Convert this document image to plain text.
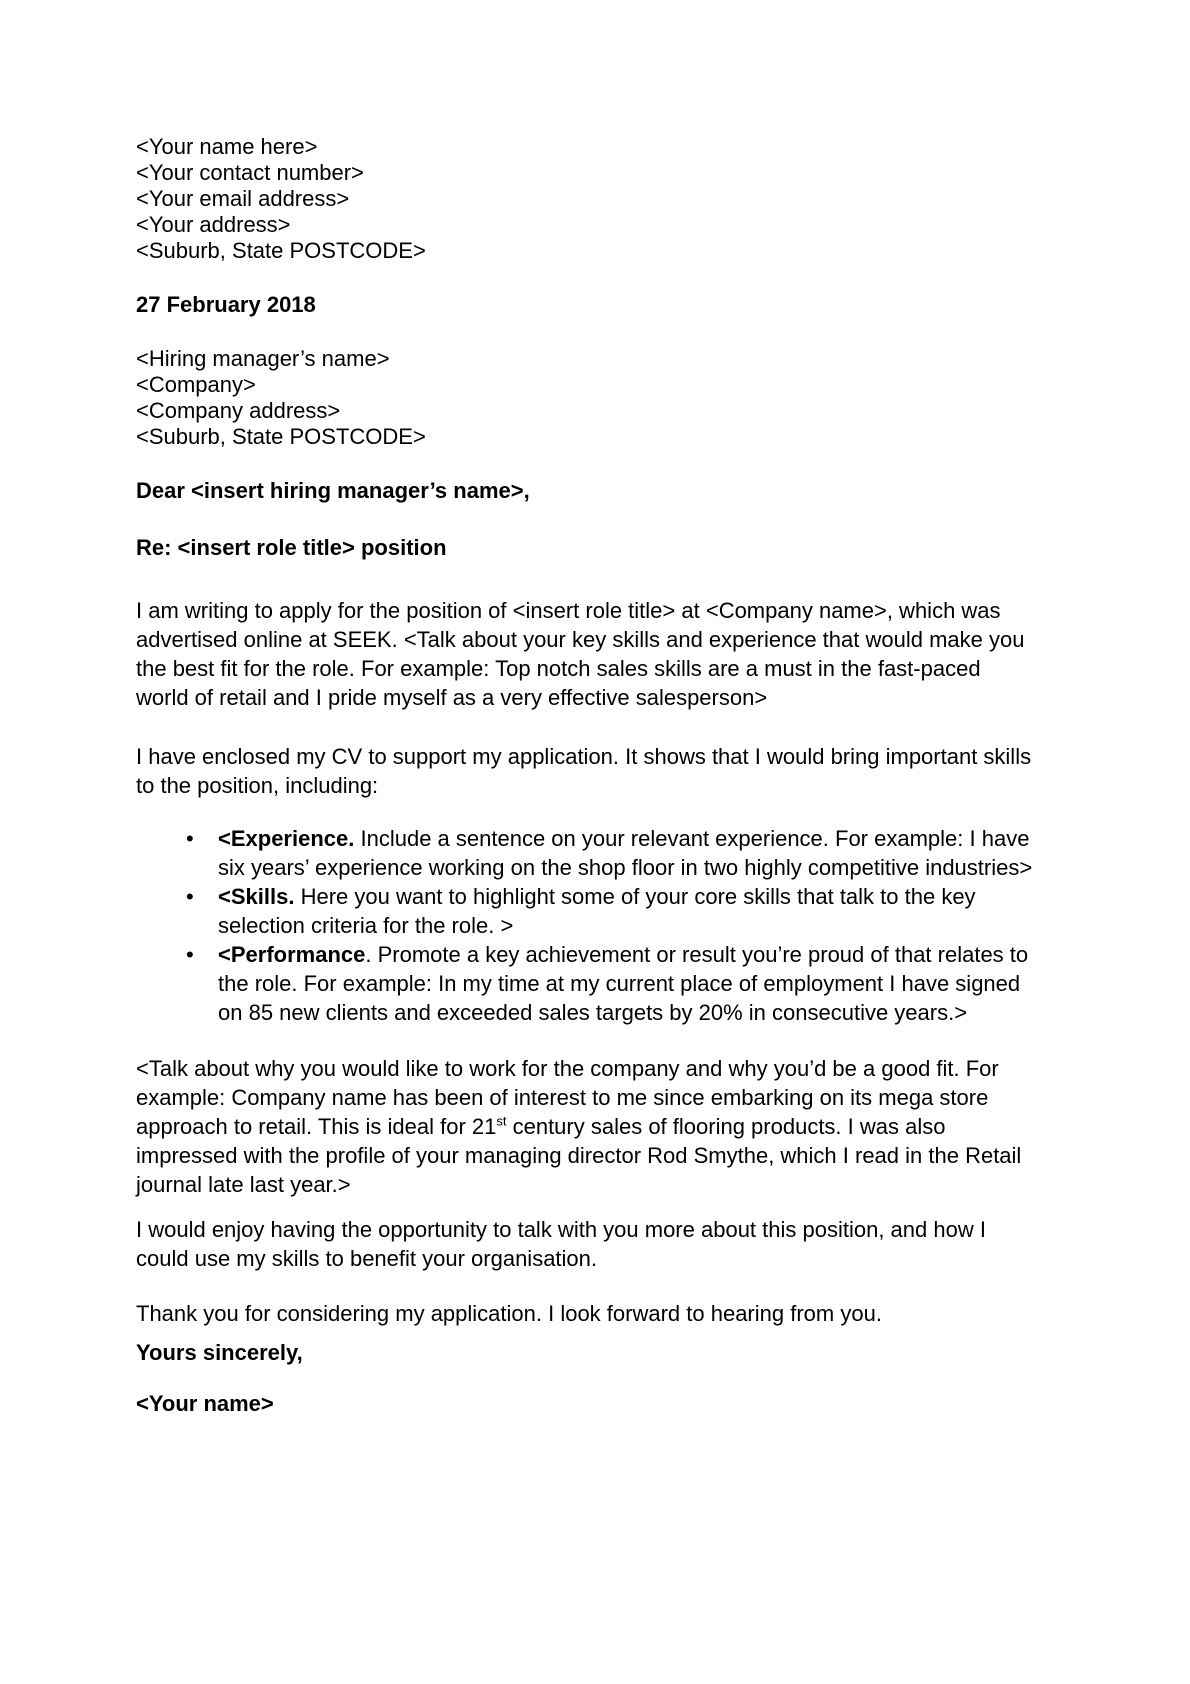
<Your name here>
<Your contact number>
<Your email address>
<Your address>
<Suburb, State POSTCODE>
27 February 2018
<Hiring manager’s name>
<Company>
<Company address>
<Suburb, State POSTCODE>
Dear <insert hiring manager’s name>,
Re: <insert role title> position
I am writing to apply for the position of <insert role title> at <Company name>, which was
advertised online at SEEK. <Talk about your key skills and experience that would make you
the best fit for the role. For example: Top notch sales skills are a must in the fast-paced
world of retail and I pride myself as a very effective salesperson>
I have enclosed my CV to support my application. It shows that I would bring important skills
to the position, including:
•	<Experience. Include a sentence on your relevant experience. For example: I have
six years’ experience working on the shop floor in two highly competitive industries>
•	<Skills. Here you want to highlight some of your core skills that talk to the key
selection criteria for the role. >
•	<Performance. Promote a key achievement or result you’re proud of that relates to
the role. For example: In my time at my current place of employment I have signed
on 85 new clients and exceeded sales targets by 20% in consecutive years.>
<Talk about why you would like to work for the company and why you’d be a good fit. For
example: Company name has been of interest to me since embarking on its mega store
approach to retail. This is ideal for 21st century sales of flooring products. I was also
impressed with the profile of your managing director Rod Smythe, which I read in the Retail
journal late last year.>
I would enjoy having the opportunity to talk with you more about this position, and how I
could use my skills to benefit your organisation.
Thank you for considering my application. I look forward to hearing from you.
Yours sincerely,
<Your name>
